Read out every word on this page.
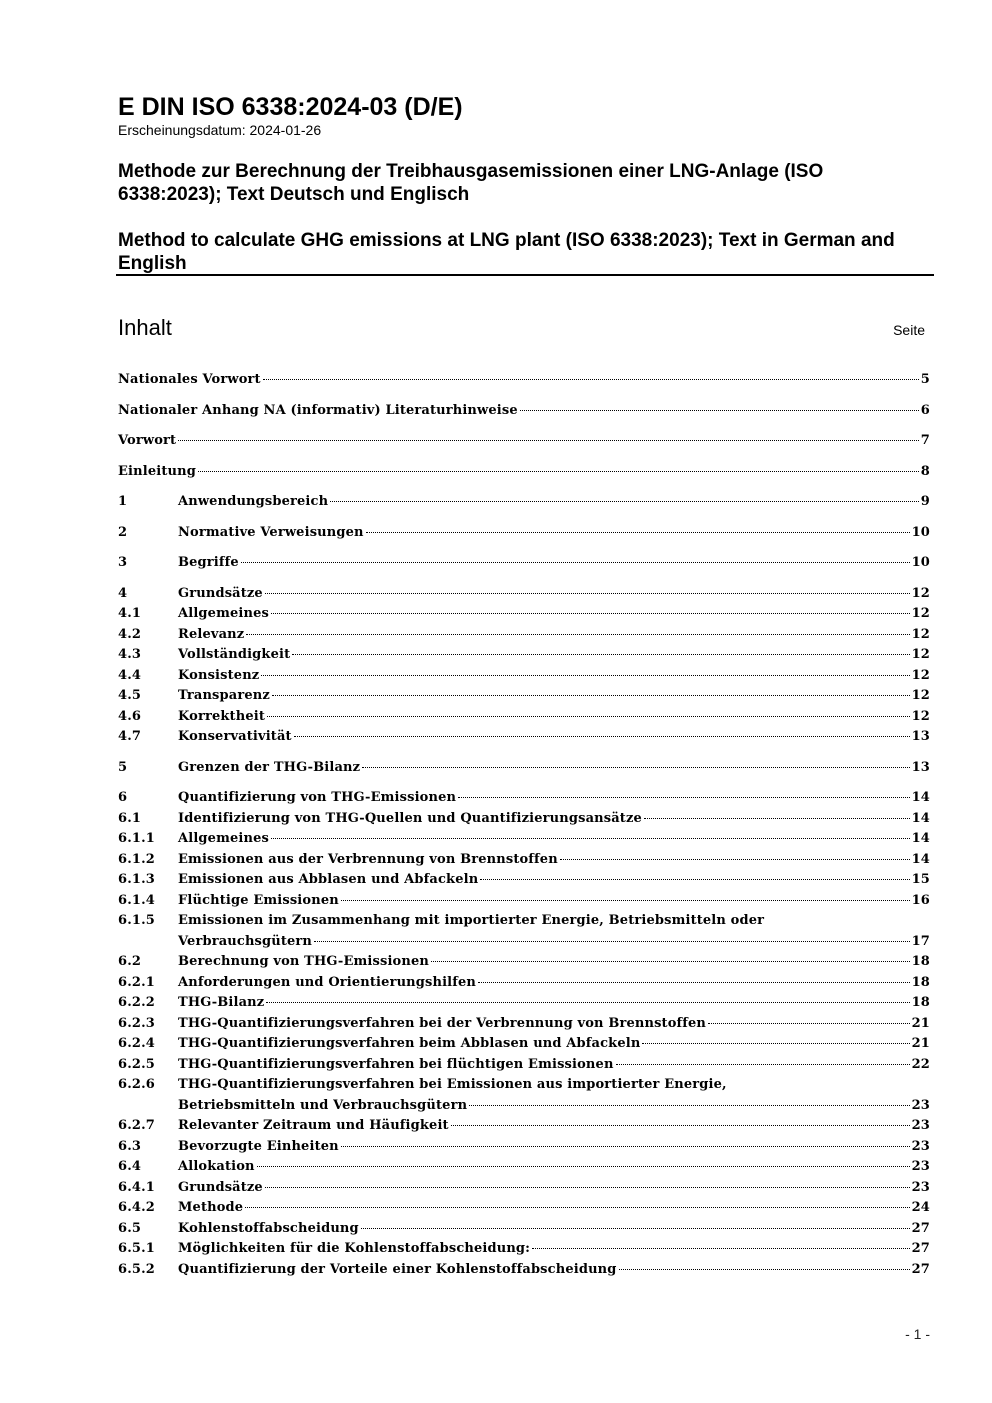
E DIN ISO 6338:2024-03 (D/E)
Erscheinungsdatum: 2024-01-26
Methode zur Berechnung der Treibhausgasemissionen einer LNG-Anlage (ISO 6338:2023); Text Deutsch und Englisch
Method to calculate GHG emissions at LNG plant (ISO 6338:2023); Text in German and English
Inhalt	Seite
Nationales Vorwort	5
Nationaler Anhang NA (informativ) Literaturhinweise	6
Vorwort	7
Einleitung	8
1	Anwendungsbereich	9
2	Normative Verweisungen	10
3	Begriffe	10
4	Grundsätze	12
4.1	Allgemeines	12
4.2	Relevanz	12
4.3	Vollständigkeit	12
4.4	Konsistenz	12
4.5	Transparenz	12
4.6	Korrektheit	12
4.7	Konservativität	13
5	Grenzen der THG-Bilanz	13
6	Quantifizierung von THG-Emissionen	14
6.1	Identifizierung von THG-Quellen und Quantifizierungsansätze	14
6.1.1	Allgemeines	14
6.1.2	Emissionen aus der Verbrennung von Brennstoffen	14
6.1.3	Emissionen aus Abblasen und Abfackeln	15
6.1.4	Flüchtige Emissionen	16
6.1.5	Emissionen im Zusammenhang mit importierter Energie, Betriebsmitteln oder
Verbrauchsgütern	17
6.2	Berechnung von THG-Emissionen	18
6.2.1	Anforderungen und Orientierungshilfen	18
6.2.2	THG-Bilanz	18
6.2.3	THG-Quantifizierungsverfahren bei der Verbrennung von Brennstoffen	21
6.2.4	THG-Quantifizierungsverfahren beim Abblasen und Abfackeln	21
6.2.5	THG-Quantifizierungsverfahren bei flüchtigen Emissionen	22
6.2.6	THG-Quantifizierungsverfahren bei Emissionen aus importierter Energie,
Betriebsmitteln und Verbrauchsgütern	23
6.2.7	Relevanter Zeitraum und Häufigkeit	23
6.3	Bevorzugte Einheiten	23
6.4	Allokation	23
6.4.1	Grundsätze	23
6.4.2	Methode	24
6.5	Kohlenstoffabscheidung	27
6.5.1	Möglichkeiten für die Kohlenstoffabscheidung:	27
6.5.2	Quantifizierung der Vorteile einer Kohlenstoffabscheidung	27
- 1 -
